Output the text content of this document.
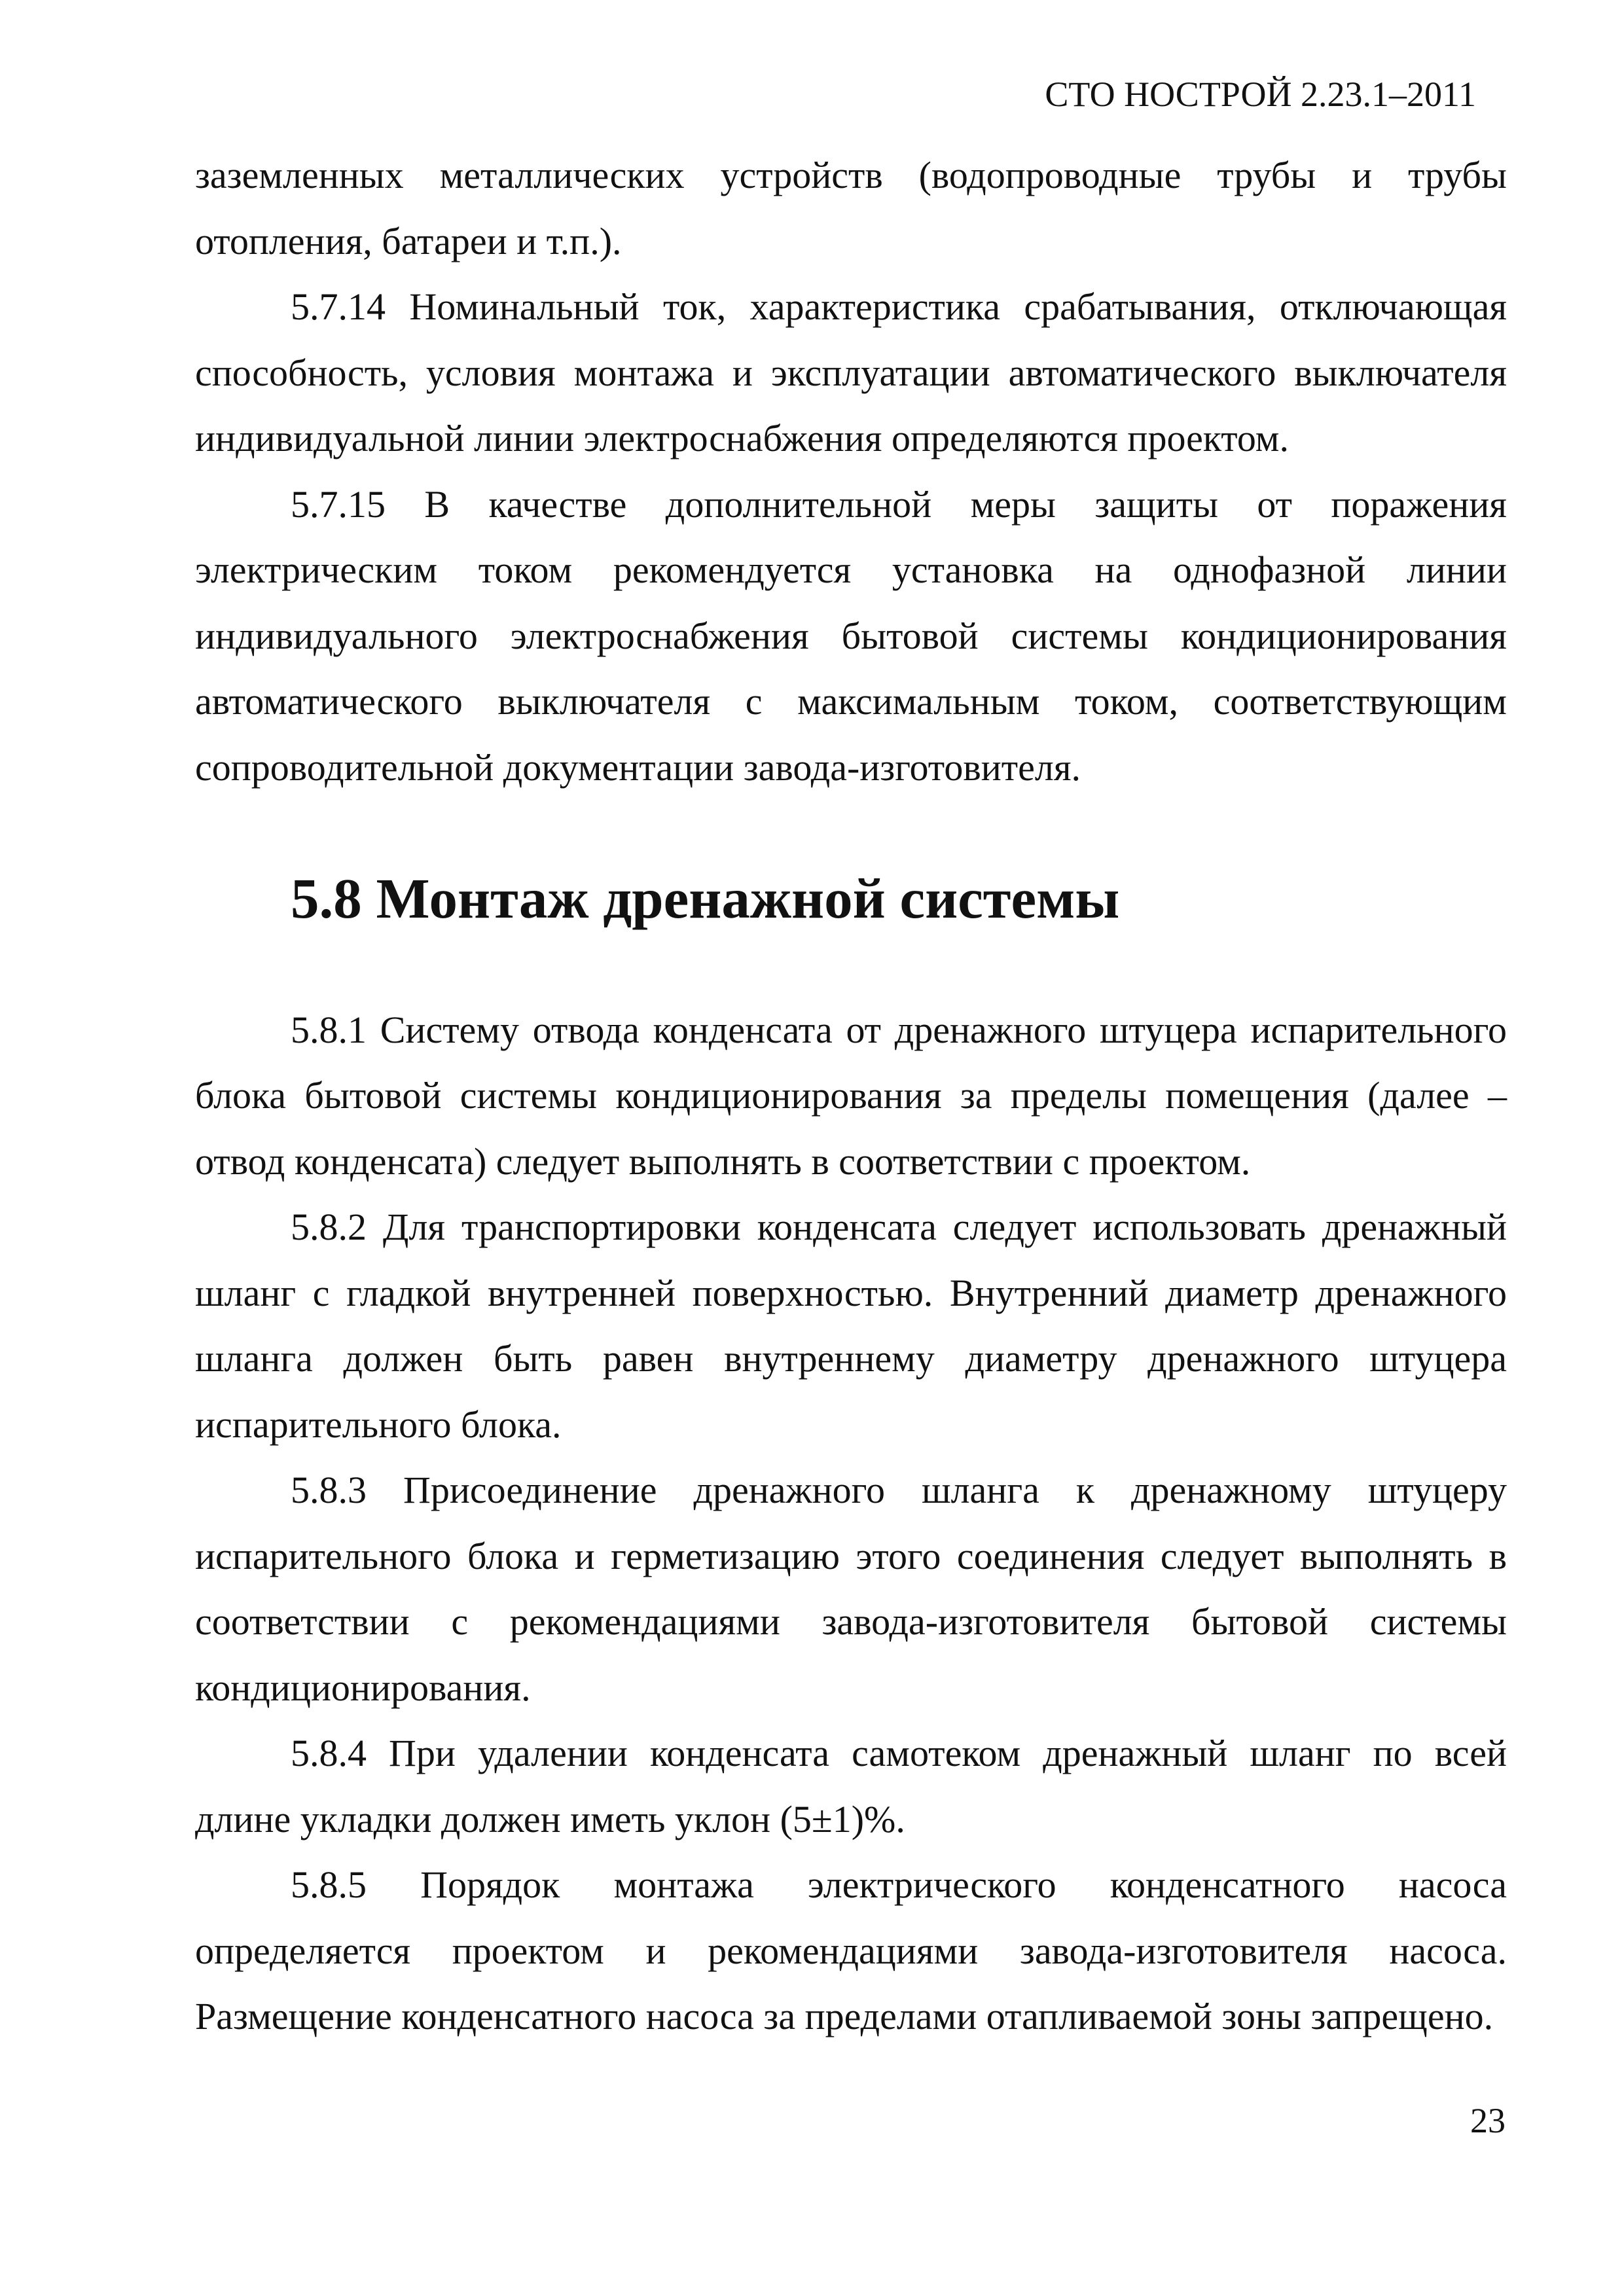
СТО НОСТРОЙ 2.23.1–2011

заземленных металлических устройств (водопроводные трубы и трубы отопления, батареи и т.п.).

5.7.14 Номинальный ток, характеристика срабатывания, отключающая способность, условия монтажа и эксплуатации автоматического выключателя индивидуальной линии электроснабжения определяются проектом.

5.7.15 В качестве дополнительной меры защиты от поражения электрическим током рекомендуется установка на однофазной линии индивидуального электроснабжения бытовой системы кондиционирования автоматического выключателя с максимальным током, соответствующим сопроводительной документации завода-изготовителя.

5.8 Монтаж дренажной системы

5.8.1 Систему отвода конденсата от дренажного штуцера испарительного блока бытовой системы кондиционирования за пределы помещения (далее – отвод конденсата) следует выполнять в соответствии с проектом.

5.8.2 Для транспортировки конденсата следует использовать дренажный шланг с гладкой внутренней поверхностью. Внутренний диаметр дренажного шланга должен быть равен внутреннему диаметру дренажного штуцера испарительного блока.

5.8.3 Присоединение дренажного шланга к дренажному штуцеру испарительного блока и герметизацию этого соединения следует выполнять в соответствии с рекомендациями завода-изготовителя бытовой системы кондиционирования.

5.8.4 При удалении конденсата самотеком дренажный шланг по всей длине укладки должен иметь уклон (5±1)%.

5.8.5 Порядок монтажа электрического конденсатного насоса определяется проектом и рекомендациями завода-изготовителя насоса. Размещение конденсатного насоса за пределами отапливаемой зоны запрещено.

23
